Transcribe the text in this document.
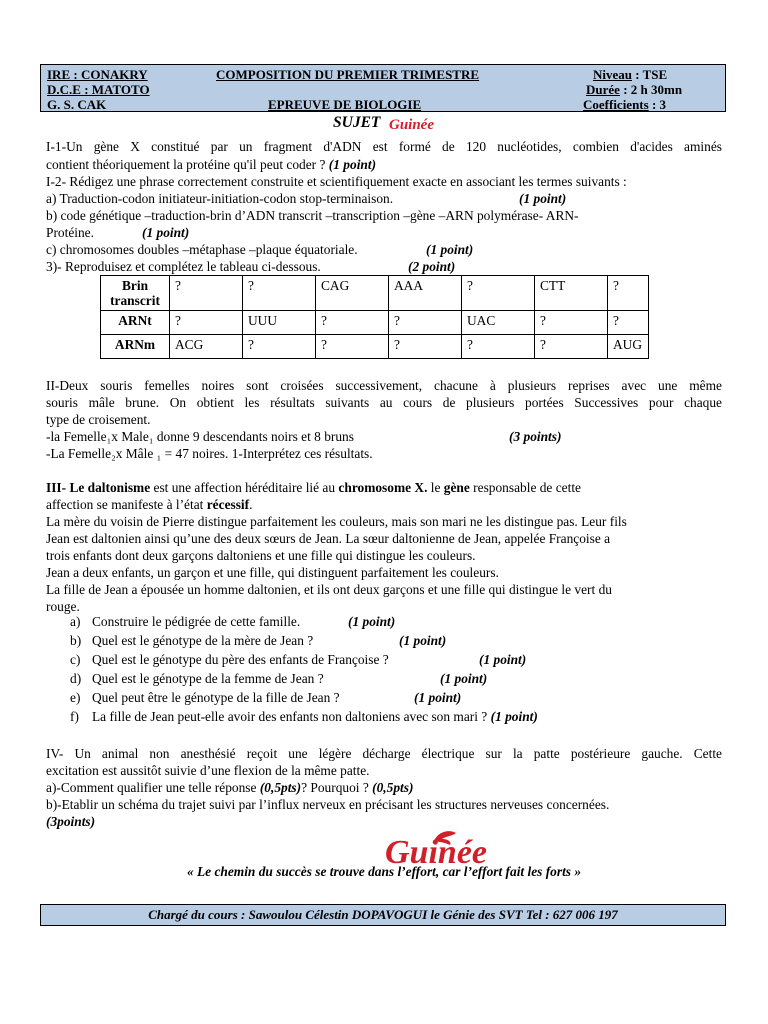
IRE : CONAKRY
D.C.E : MATOTO
G. S. CAK
COMPOSITION DU PREMIER TRIMESTRE
EPREUVE DE BIOLOGIE
Niveau : TSE
Durée : 2 h 30mn
Coefficients : 3
SUJET Guinée
I-1-Un gène X constitué par un fragment d'ADN est formé de 120 nucléotides, combien d'acides aminés
contient théoriquement la protéine qu'il peut coder ? (1 point)
I-2- Rédigez une phrase correctement construite et scientifiquement exacte en associant les termes suivants :
a) Traduction-codon initiateur-initiation-codon stop-terminaison.	(1 point)
b) code génétique –traduction-brin d’ADN transcrit –transcription –gène –ARN polymérase- ARN-
Protéine.	(1 point)
c) chromosomes doubles –métaphase –plaque équatoriale.	(1 point)
3)- Reproduisez et complétez le tableau ci-dessous.	(2 point)
Brin transcrit	?	?	CAG	AAA	?	CTT	?
ARNt	?	UUU	?	?	UAC	?	?
ARNm	ACG	?	?	?	?	?	AUG
II-Deux souris femelles noires sont croisées successivement, chacune à plusieurs reprises avec une même
souris mâle brune. On obtient les résultats suivants au cours de plusieurs portées Successives pour chaque
type de croisement.
-la Femelle₁x Male₁ donne 9 descendants noirs et 8 bruns	(3 points)
-La Femelle₂x Mâle ₁ = 47 noires. 1-Interprétez ces résultats.
III- Le daltonisme est une affection héréditaire lié au chromosome X. le gène responsable de cette
affection se manifeste à l’état récessif.
La mère du voisin de Pierre distingue parfaitement les couleurs, mais son mari ne les distingue pas. Leur fils
Jean est daltonien ainsi qu’une des deux sœurs de Jean. La sœur daltonienne de Jean, appelée Françoise a
trois enfants dont deux garçons daltoniens et une fille qui distingue les couleurs.
Jean a deux enfants, un garçon et une fille, qui distinguent parfaitement les couleurs.
La fille de Jean a épousée un homme daltonien, et ils ont deux garçons et une fille qui distingue le vert du
rouge.
a) Construire le pédigrée de cette famille.	(1 point)
b) Quel est le génotype de la mère de Jean ?	(1 point)
c) Quel est le génotype du père des enfants de Françoise ?	(1 point)
d) Quel est le génotype de la femme de Jean ?	(1 point)
e) Quel peut être le génotype de la fille de Jean ?	(1 point)
f) La fille de Jean peut-elle avoir des enfants non daltoniens avec son mari ? (1 point)
IV- Un animal non anesthésié reçoit une légère décharge électrique sur la patte postérieure gauche. Cette
excitation est aussitôt suivie d’une flexion de la même patte.
a)-Comment qualifier une telle réponse (0,5pts)? Pourquoi ? (0,5pts)
b)-Etablir un schéma du trajet suivi par l’influx nerveux en précisant les structures nerveuses concernées.
(3points)
Guinée
« Le chemin du succès se trouve dans l’effort, car l’effort fait les forts »
Chargé du cours : Sawoulou Célestin DOPAVOGUI le Génie des SVT Tel : 627 006 197
